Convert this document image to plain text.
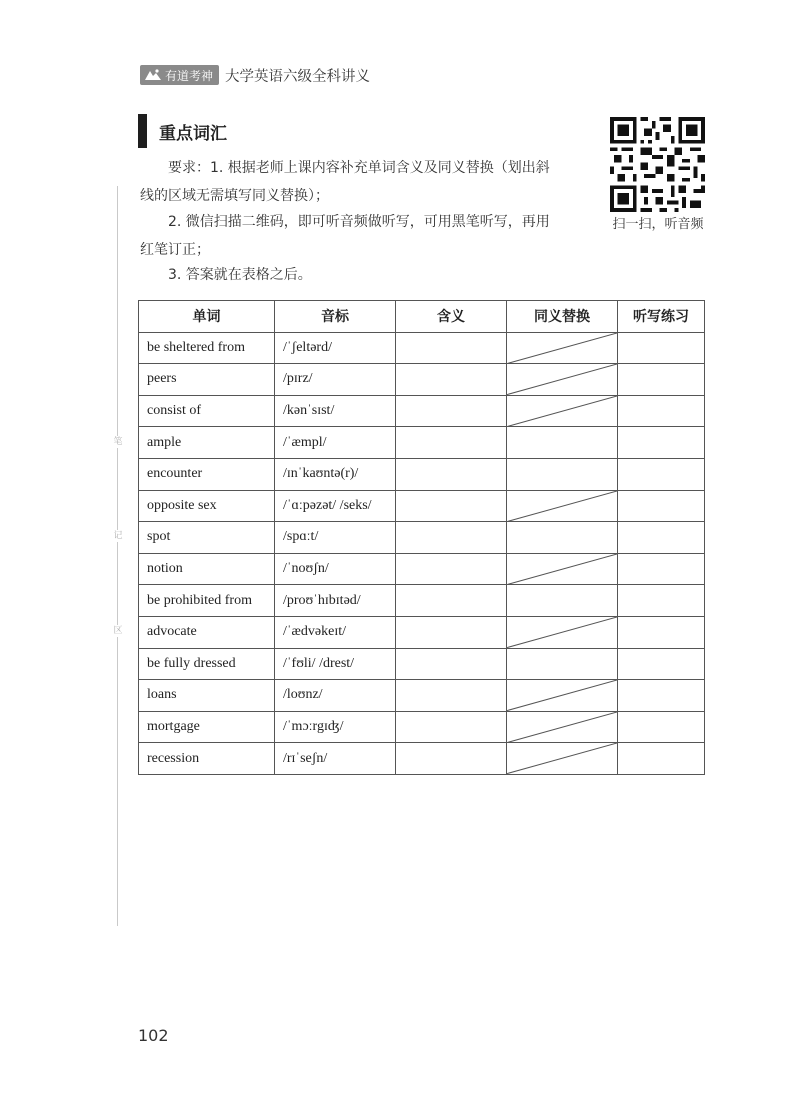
有道考神 大学英语六级全科讲义
笔
记
区
重点词汇
要求：1. 根据老师上课内容补充单词含义及同义替换（划出斜
线的区域无需填写同义替换）；
2. 微信扫描二维码，即可听音频做听写，可用黑笔听写，再用
红笔订正；
3. 答案就在表格之后。
扫一扫，听音频
单词	音标	含义	同义替换	听写练习
be sheltered from	/ˈʃeltərd/		

peers	/pɪrz/		

consist of	/kənˈsɪst/		

ample	/ˈæmpl/			
encounter	/ɪnˈkaʊntə(r)/			
opposite sex	/ˈɑːpəzət/ /seks/		

spot	/spɑːt/			
notion	/ˈnoʊʃn/		

be prohibited from	/proʊˈhɪbɪtəd/			
advocate	/ˈædvəkeɪt/		

be fully dressed	/ˈfʊli/ /drest/			
loans	/loʊnz/		

mortgage	/ˈmɔːrgɪʤ/		

recession	/rɪˈseʃn/		

102
